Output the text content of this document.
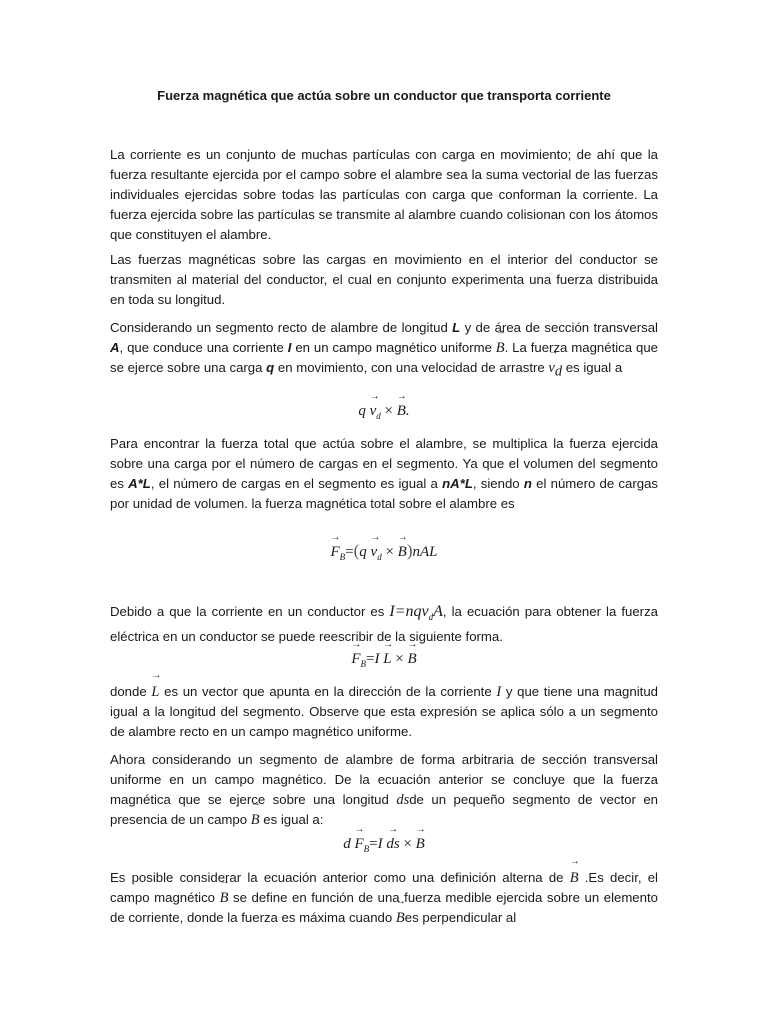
Fuerza magnética que actúa sobre un conductor que transporta corriente

La corriente es un conjunto de muchas partículas con carga en movimiento; de ahí que la fuerza resultante ejercida por el campo sobre el alambre sea la suma vectorial de las fuerzas individuales ejercidas sobre todas las partículas con carga que conforman la corriente. La fuerza ejercida sobre las partículas se transmite al alambre cuando colisionan con los átomos que constituyen el alambre.

Las fuerzas magnéticas sobre las cargas en movimiento en el interior del conductor se transmiten al material del conductor, el cual en conjunto experimenta una fuerza distribuida en toda su longitud.

Considerando un segmento recto de alambre de longitud L y de área de sección transversal A, que conduce una corriente I en un campo magnético uniforme → B. La fuerza magnética que se ejerce sobre una carga q en movimiento, con una velocidad de arrastre → $v_d$ es igual a

$q \to v_d$ × → B.

Para encontrar la fuerza total que actúa sobre el alambre, se multiplica la fuerza ejercida sobre una carga por el número de cargas en el segmento. Ya que el volumen del segmento es A*L, el número de cargas en el segmento es igual a nA*L, siendo n el número de cargas por unidad de volumen. la fuerza magnética total sobre el alambre es

→ $F_B=(q \to v_d$ × → B)nAL

Debido a que la corriente en un conductor es I=nqv$_d$A, la ecuación para obtener la fuerza eléctrica en un conductor se puede reescribir de la siguiente forma.

→ $F_B=I \to L$ × → B

donde → L es un vector que apunta en la dirección de la corriente I y que tiene una magnitud igual a la longitud del segmento. Observe que esta expresión se aplica sólo a un segmento de alambre recto en un campo magnético uniforme.

Ahora considerando un segmento de alambre de forma arbitraria de sección transversal uniforme en un campo magnético. De la ecuación anterior se concluye que la fuerza magnética que se ejerce sobre una longitud dsde un pequeño segmento de vector en presencia de un campo → B es igual a:

$d \to F_B=I$ → ds × → B

Es posible considerar la ecuación anterior como una definición alterna de → B .Es decir, el campo magnético → B se define en función de una fuerza medible ejercida sobre un elemento de corriente, donde la fuerza es máxima cuando → Bes perpendicular al
